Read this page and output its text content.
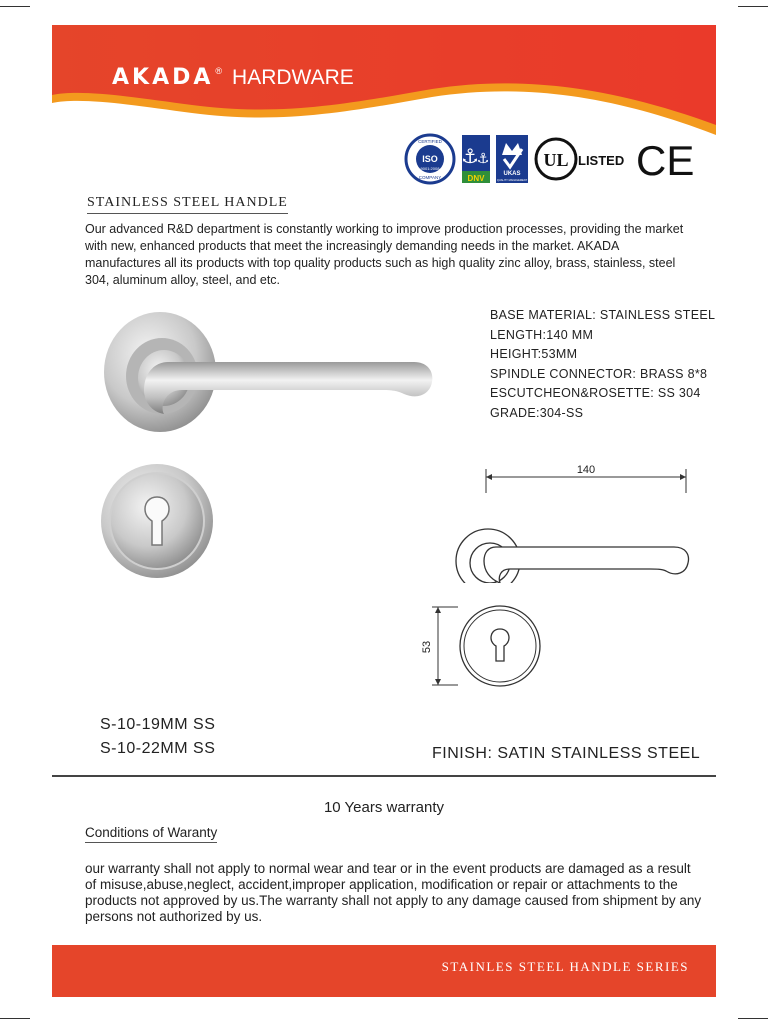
AKADA ® HARDWARE
ISO
CERTIFIED
9001:2008
COMPANY
⚓
⚓
DNV	UKAS
QUALITY MANAGEMENT
UL LISTED CE
STAINLESS STEEL HANDLE
Our advanced R&D department is constantly working to improve production processes, providing the market with new, enhanced products that meet the increasingly demanding needs in the market. AKADA manufactures all its products with top quality products such as high quality zinc alloy, brass, stainless, steel 304, aluminum alloy, steel, and etc.
BASE MATERIAL: STAINLESS STEEL
LENGTH:140 MM
HEIGHT:53MM
SPINDLE CONNECTOR: BRASS 8*8
ESCUTCHEON&ROSETTE: SS 304
GRADE:304-SS
140
53
S-10-19MM SS
S-10-22MM SS	FINISH: SATIN STAINLESS STEEL
10 Years warranty
Conditions of Waranty
our warranty shall not apply to normal wear and tear or in the event products are damaged as a result of misuse,abuse,neglect, accident,improper application, modification or repair or attachments to the products not approved by us.The warranty shall not apply to any damage caused from shipment by any persons not authorized by us.
STAINLES STEEL HANDLE SERIES
